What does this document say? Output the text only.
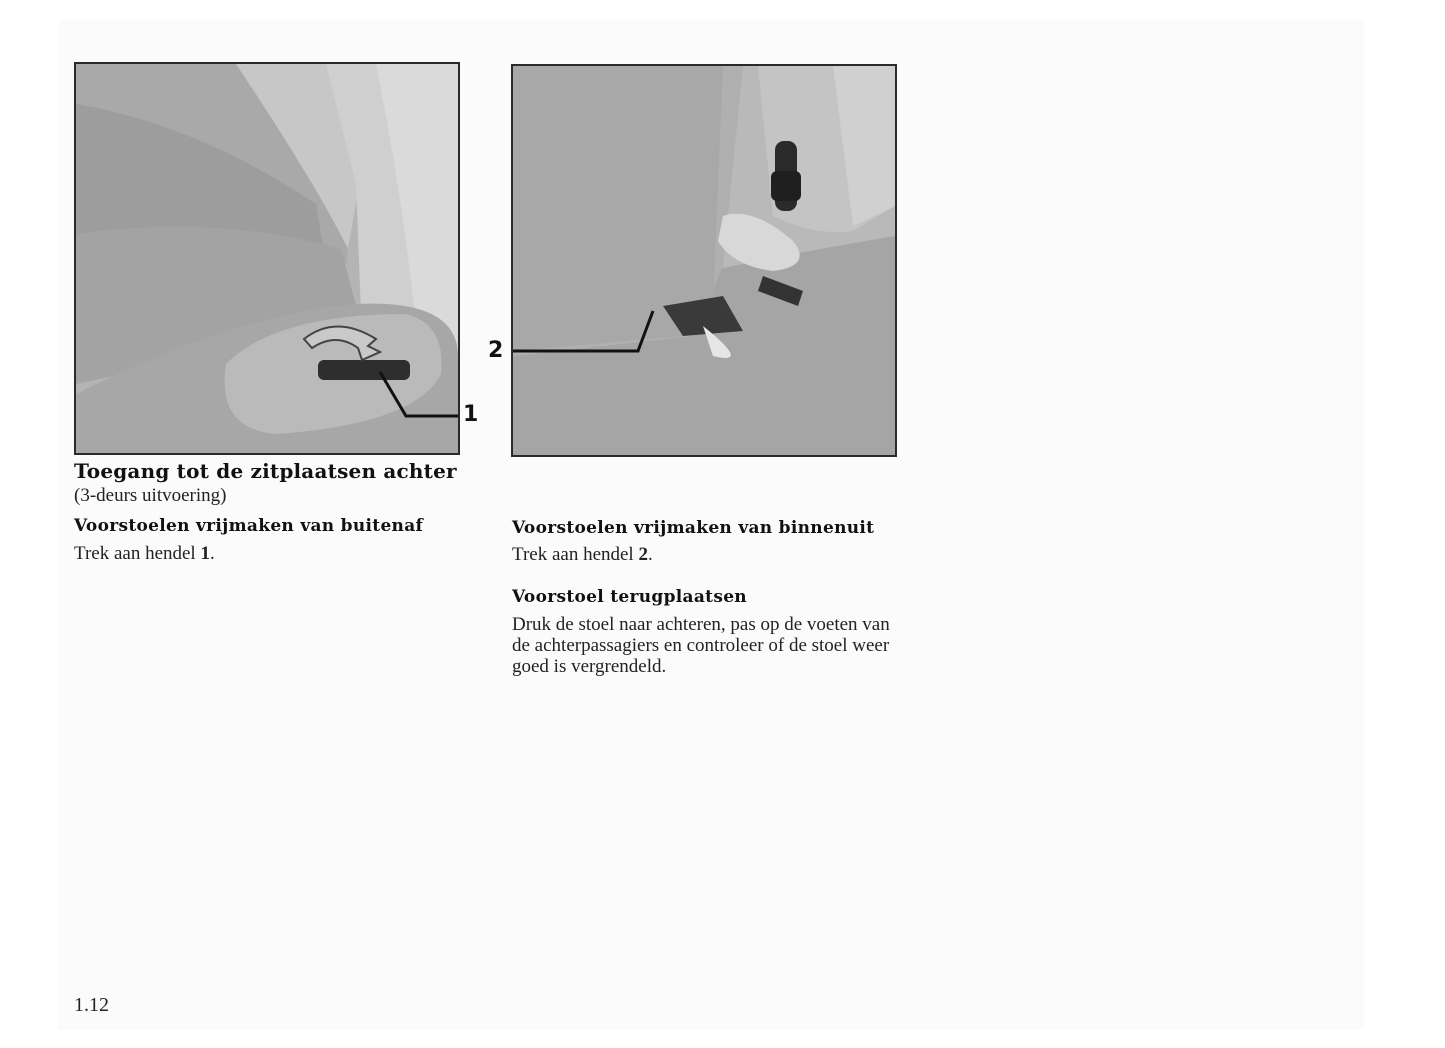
1
2
Toegang tot de zitplaatsen achter

(3-deurs uitvoering)

Voorstoelen vrijmaken van buitenaf

Trek aan hendel 1.

Voorstoelen vrijmaken van binnenuit

Trek aan hendel 2.

Voorstoel terugplaatsen

Druk de stoel naar achteren, pas op de voeten van de achterpassagiers en controleer of de stoel weer goed is vergrendeld.

1.12
